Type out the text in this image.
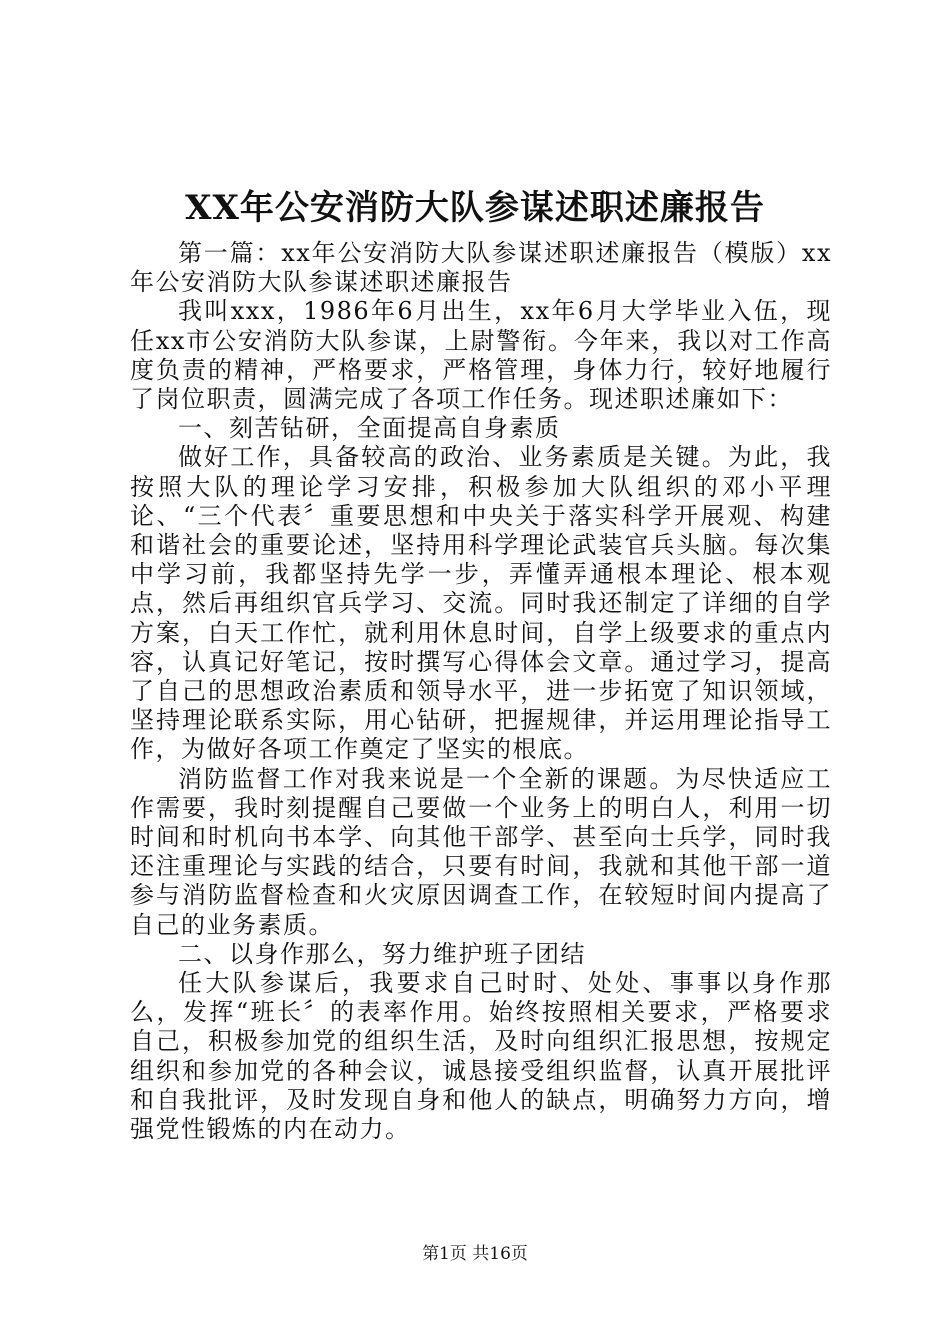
XX年公安消防大队参谋述职述廉报告

第一篇：xx年公安消防大队参谋述职述廉报告（模版）xx年公安消防大队参谋述职述廉报告

我叫xxx，1986年6月出生，xx年6月大学毕业入伍，现任xx市公安消防大队参谋，上尉警衔。今年来，我以对工作高度负责的精神，严格要求，严格管理，身体力行，较好地履行了岗位职责，圆满完成了各项工作任务。现述职述廉如下：

一、刻苦钻研，全面提高自身素质

做好工作，具备较高的政治、业务素质是关键。为此，我按照大队的理论学习安排，积极参加大队组织的邓小平理论、“三个代表〞重要思想和中央关于落实科学开展观、构建和谐社会的重要论述，坚持用科学理论武装官兵头脑。每次集中学习前，我都坚持先学一步，弄懂弄通根本理论、根本观点，然后再组织官兵学习、交流。同时我还制定了详细的自学方案，白天工作忙，就利用休息时间，自学上级要求的重点内容，认真记好笔记，按时撰写心得体会文章。通过学习，提高了自己的思想政治素质和领导水平，进一步拓宽了知识领域，坚持理论联系实际，用心钻研，把握规律，并运用理论指导工作，为做好各项工作奠定了坚实的根底。

消防监督工作对我来说是一个全新的课题。为尽快适应工作需要，我时刻提醒自己要做一个业务上的明白人，利用一切时间和时机向书本学、向其他干部学、甚至向士兵学，同时我还注重理论与实践的结合，只要有时间，我就和其他干部一道参与消防监督检查和火灾原因调查工作，在较短时间内提高了自己的业务素质。

二、以身作那么，努力维护班子团结

任大队参谋后，我要求自己时时、处处、事事以身作那么，发挥“班长〞的表率作用。始终按照相关要求，严格要求自己，积极参加党的组织生活，及时向组织汇报思想，按规定组织和参加党的各种会议，诚恳接受组织监督，认真开展批评和自我批评，及时发现自身和他人的缺点，明确努力方向，增强党性锻炼的内在动力。

第1页 共16页
